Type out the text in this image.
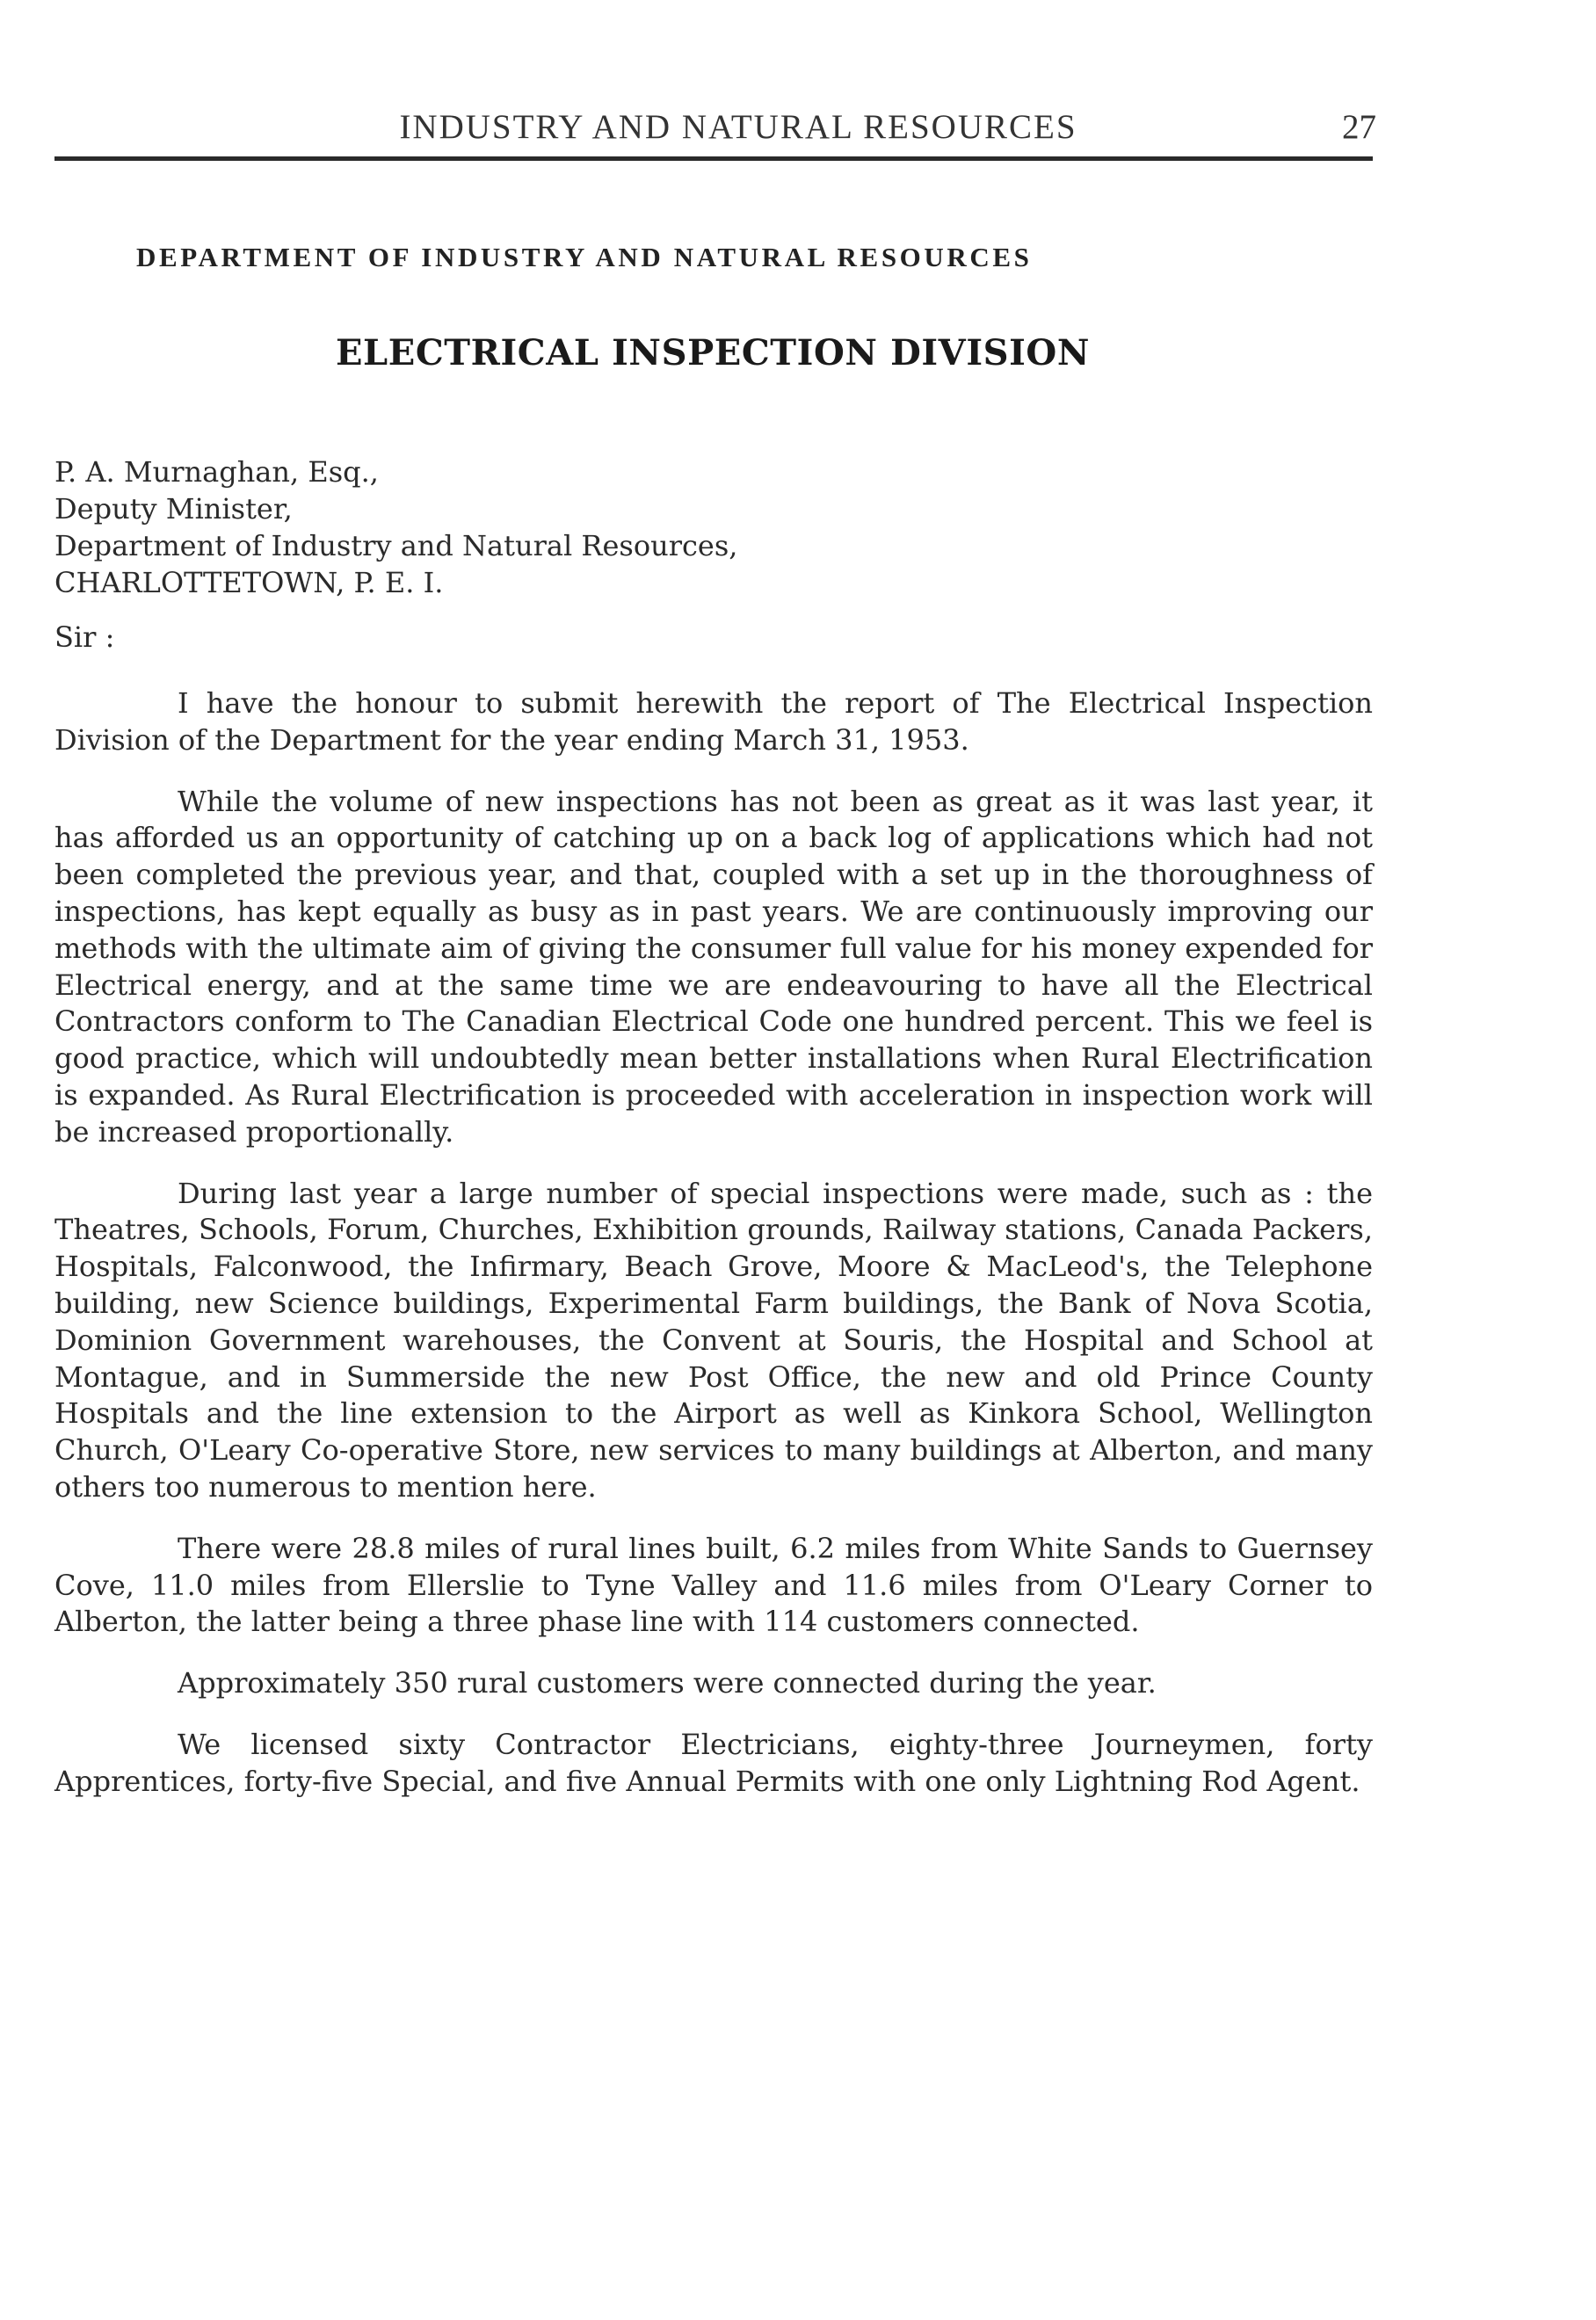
INDUSTRY AND NATURAL RESOURCES	27
DEPARTMENT OF INDUSTRY AND NATURAL RESOURCES
ELECTRICAL INSPECTION DIVISION
P. A. Murnaghan, Esq.,
Deputy Minister,
Department of Industry and Natural Resources,
CHARLOTTETOWN, P. E. I.
Sir :

I have the honour to submit herewith the report of The Electrical Inspection Division of the Department for the year ending March 31, 1953.

While the volume of new inspections has not been as great as it was last year, it has afforded us an opportunity of catching up on a back log of applications which had not been completed the previous year, and that, coupled with a set up in the thoroughness of inspections, has kept equally as busy as in past years. We are continuously improving our methods with the ultimate aim of giving the consumer full value for his money expended for Electrical energy, and at the same time we are endeavouring to have all the Electrical Contractors conform to The Canadian Electrical Code one hundred percent. This we feel is good practice, which will undoubtedly mean better installations when Rural Electrification is expanded. As Rural Electrification is proceeded with acceleration in inspection work will be increased proportionally.

During last year a large number of special inspections were made, such as : the Theatres, Schools, Forum, Churches, Exhibition grounds, Railway stations, Canada Packers, Hospitals, Falconwood, the Infirmary, Beach Grove, Moore & MacLeod's, the Telephone building, new Science buildings, Experimental Farm buildings, the Bank of Nova Scotia, Dominion Government warehouses, the Convent at Souris, the Hospital and School at Montague, and in Summerside the new Post Office, the new and old Prince County Hospitals and the line extension to the Airport as well as Kinkora School, Wellington Church, O'Leary Co-operative Store, new services to many buildings at Alberton, and many others too numerous to mention here.

There were 28.8 miles of rural lines built, 6.2 miles from White Sands to Guernsey Cove, 11.0 miles from Ellerslie to Tyne Valley and 11.6 miles from O'Leary Corner to Alberton, the latter being a three phase line with 114 customers connected.

Approximately 350 rural customers were connected during the year.

We licensed sixty Contractor Electricians, eighty-three Journeymen, forty Apprentices, forty-five Special, and five Annual Permits with one only Lightning Rod Agent.
